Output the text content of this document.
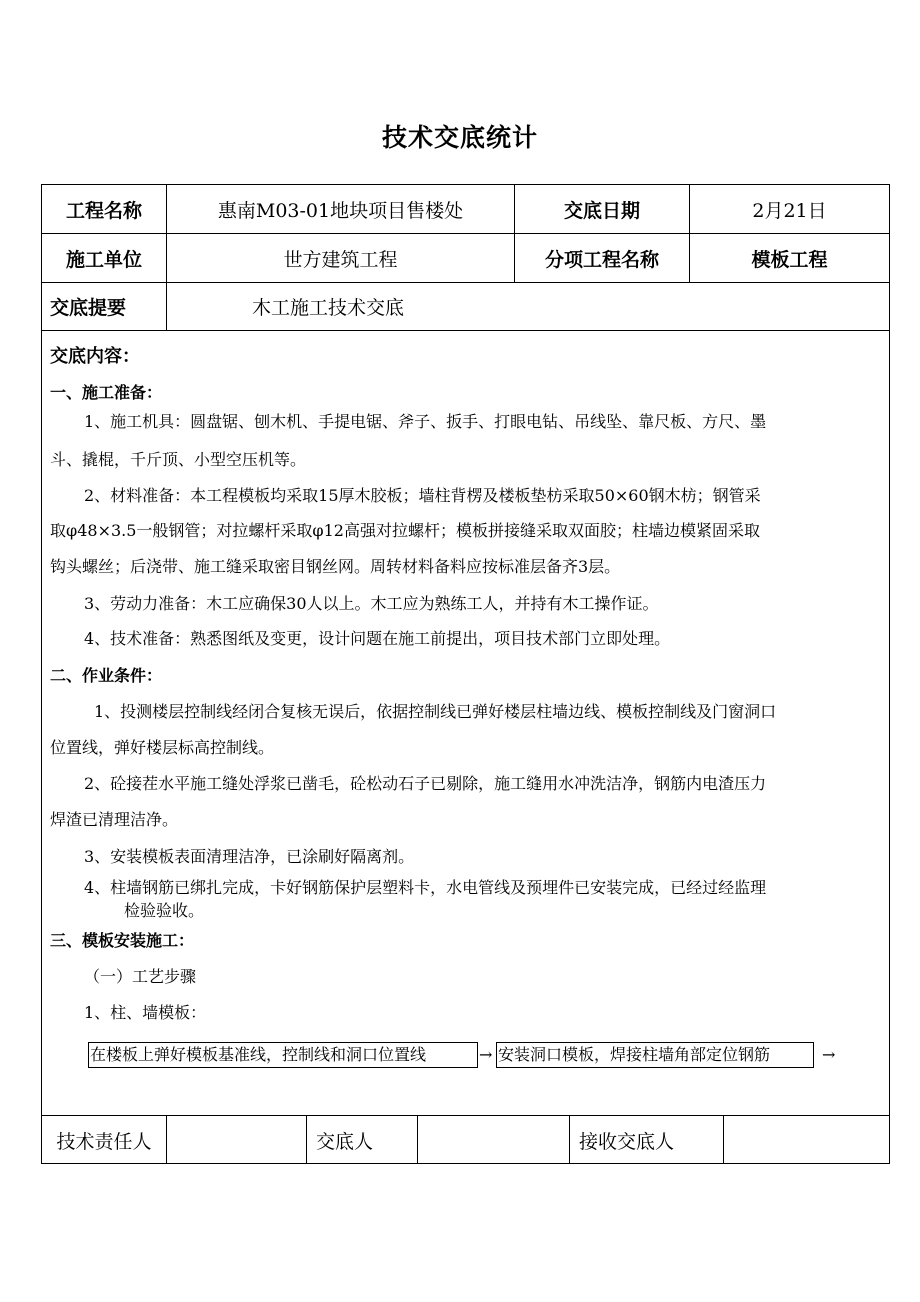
技术交底统计
工程名称	惠南M03-01地块项目售楼处	交底日期	2月21日
施工单位	世方建筑工程	分项工程名称	模板工程
交底提要	木工施工技术交底
交底内容：
一、施工准备：
1、施工机具：圆盘锯、刨木机、手提电锯、斧子、扳手、打眼电钻、吊线坠、靠尺板、方尺、墨
斗、撬棍，千斤顶、小型空压机等。
2、材料准备：本工程模板均采取15厚木胶板；墙柱背楞及楼板垫枋采取50×60钢木枋；钢管采
取φ48×3.5一般钢管；对拉螺杆采取φ12高强对拉螺杆；模板拼接缝采取双面胶；柱墙边模紧固采取
钩头螺丝；后浇带、施工缝采取密目钢丝网。周转材料备料应按标准层备齐3层。
3、劳动力准备：木工应确保30人以上。木工应为熟练工人，并持有木工操作证。
4、技术准备：熟悉图纸及变更，设计问题在施工前提出，项目技术部门立即处理。
二、作业条件：
1、投测楼层控制线经闭合复核无误后，依据控制线已弹好楼层柱墙边线、模板控制线及门窗洞口
位置线，弹好楼层标高控制线。
2、砼接茬水平施工缝处浮浆已凿毛，砼松动石子已剔除，施工缝用水冲洗洁净，钢筋内电渣压力
焊渣已清理洁净。
3、安装模板表面清理洁净，已涂刷好隔离剂。
4、柱墙钢筋已绑扎完成，卡好钢筋保护层塑料卡，水电管线及预埋件已安装完成，已经过经监理
检验验收。
三、模板安装施工：
（一）工艺步骤
1、柱、墙模板：
在楼板上弹好模板基准线，控制线和洞口位置线	→ 安装洞口模板，焊接柱墙角部定位钢筋	→
技术责任人	交底人	接收交底人
